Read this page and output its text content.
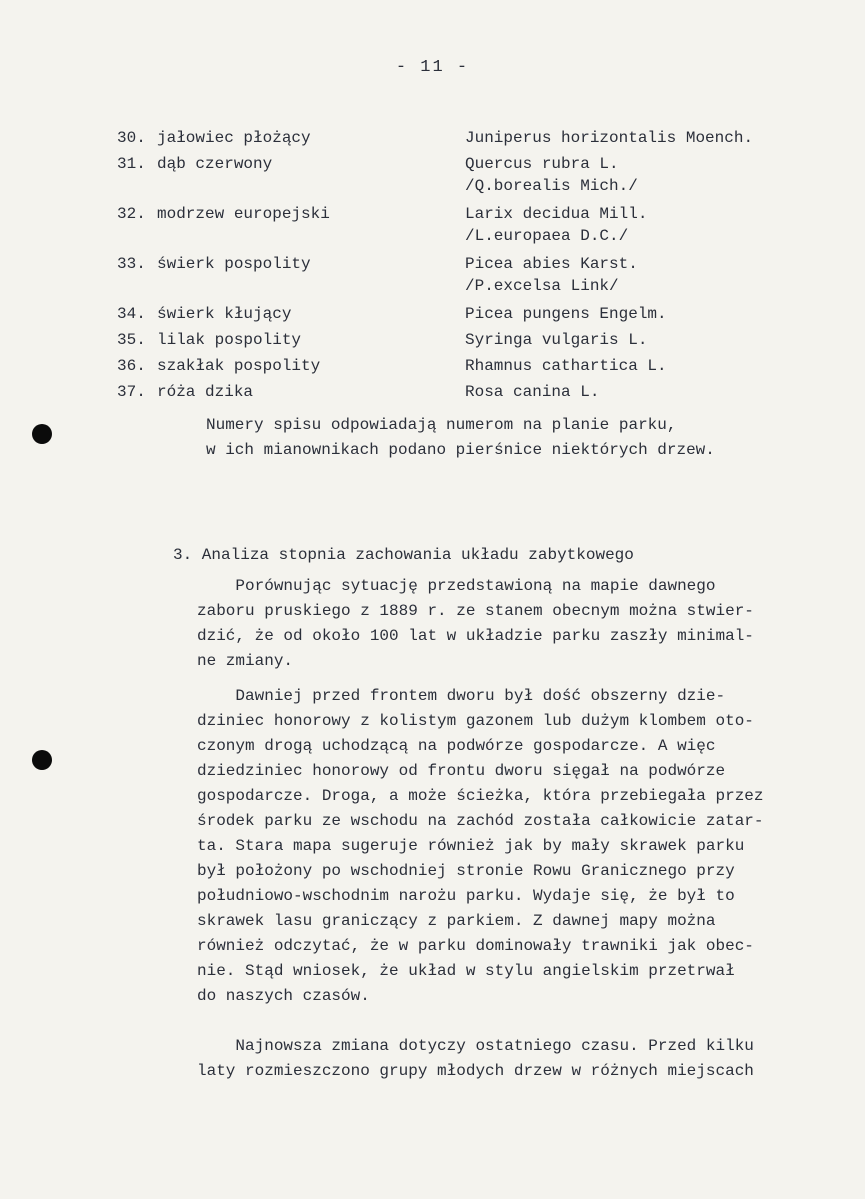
- 11 -
30. jałowiec płożący	Juniperus horizontalis Moench.
31. dąb czerwony	Quercus rubra L.
/Q.borealis Mich./
32. modrzew europejski	Larix decidua Mill.
/L.europaea D.C./
33. świerk pospolity	Picea abies Karst.
/P.excelsa Link/
34. świerk kłujący	Picea pungens Engelm.
35. lilak pospolity	Syringa vulgaris L.
36. szakłak pospolity	Rhamnus cathartica L.
37. róża dzika	Rosa canina L.
Numery spisu odpowiadają numerom na planie parku,
w ich mianownikach podano pierśnice niektórych drzew.
3. Analiza stopnia zachowania układu zabytkowego
Porównując sytuację przedstawioną na mapie dawnego
zaboru pruskiego z 1889 r. ze stanem obecnym można stwier-
dzić, że od około 100 lat w układzie parku zaszły minimal-
ne zmiany.
Dawniej przed frontem dworu był dość obszerny dzie-
dziniec honorowy z kolistym gazonem lub dużym klombem oto-
czonym drogą uchodzącą na podwórze gospodarcze. A więc
dziedziniec honorowy od frontu dworu sięgał na podwórze
gospodarcze. Droga, a może ścieżka, która przebiegała przez
środek parku ze wschodu na zachód została całkowicie zatar-
ta. Stara mapa sugeruje również jak by mały skrawek parku
był położony po wschodniej stronie Rowu Granicznego przy
południowo-wschodnim narożu parku. Wydaje się, że był to
skrawek lasu graniczący z parkiem. Z dawnej mapy można
również odczytać, że w parku dominowały trawniki jak obec-
nie. Stąd wniosek, że układ w stylu angielskim przetrwał
do naszych czasów.
Najnowsza zmiana dotyczy ostatniego czasu. Przed kilku
laty rozmieszczono grupy młodych drzew w różnych miejscach
